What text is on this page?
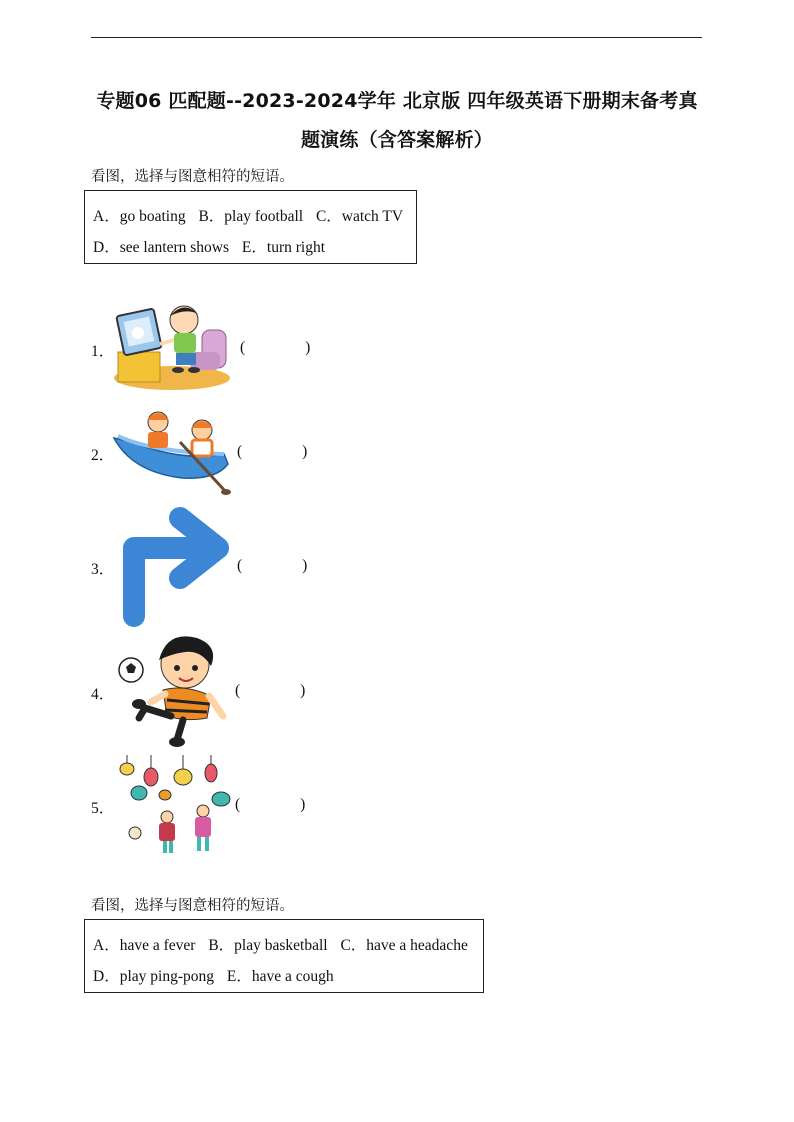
专题06 匹配题--2023-2024学年 北京版 四年级英语下册期末备考真
题演练（含答案解析）
看图，选择与图意相符的短语。
A．go boating B．play football C．watch TV
D．see lantern shows E．turn right
1．	(	)
2．	(	)
3．	(	)
4．	(	)
5．	(	)
看图，选择与图意相符的短语。
A．have a fever B．play basketball C．have a headache
D．play ping-pong E．have a cough
